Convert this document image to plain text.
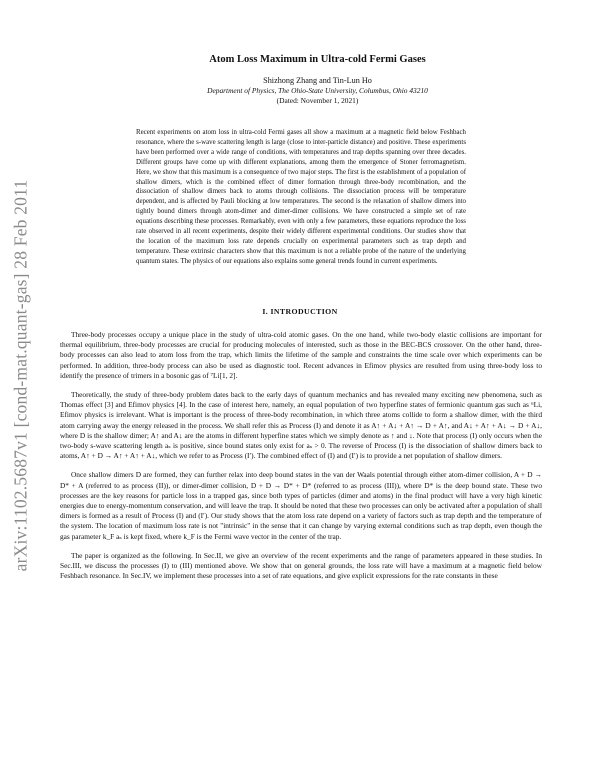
arXiv:1102.5687v1 [cond-mat.quant-gas] 28 Feb 2011
Atom Loss Maximum in Ultra-cold Fermi Gases
Shizhong Zhang and Tin-Lun Ho
Department of Physics, The Ohio-State University, Columbus, Ohio 43210
(Dated: November 1, 2021)
Recent experiments on atom loss in ultra-cold Fermi gases all show a maximum at a magnetic field below Feshbach resonance, where the s-wave scattering length is large (close to inter-particle distance) and positive. These experiments have been performed over a wide range of conditions, with temperatures and trap depths spanning over three decades. Different groups have come up with different explanations, among them the emergence of Stoner ferromagnetism. Here, we show that this maximum is a consequence of two major steps. The first is the establishment of a population of shallow dimers, which is the combined effect of dimer formation through three-body recombination, and the dissociation of shallow dimers back to atoms through collisions. The dissociation process will be temperature dependent, and is affected by Pauli blocking at low temperatures. The second is the relaxation of shallow dimers into tightly bound dimers through atom-dimer and dimer-dimer collisions. We have constructed a simple set of rate equations describing these processes. Remarkably, even with only a few parameters, these equations reproduce the loss rate observed in all recent experiments, despite their widely different experimental conditions. Our studies show that the location of the maximum loss rate depends crucially on experimental parameters such as trap depth and temperature. These extrinsic characters show that this maximum is not a reliable probe of the nature of the underlying quantum states. The physics of our equations also explains some general trends found in current experiments.
I. INTRODUCTION

Three-body processes occupy a unique place in the study of ultra-cold atomic gases. On the one hand, while two-body elastic collisions are important for thermal equilibrium, three-body processes are crucial for producing molecules of interested, such as those in the BEC-BCS crossover. On the other hand, three-body processes can also lead to atom loss from the trap, which limits the lifetime of the sample and constraints the time scale over which experiments can be performed. In addition, three-body process can also be used as diagnostic tool. Recent advances in Efimov physics are resulted from using three-body loss to identify the presence of trimers in a bosonic gas of ⁷Li[1, 2].

Theoretically, the study of three-body problem dates back to the early days of quantum mechanics and has revealed many exciting new phenomena, such as Thomas effect [3] and Efimov physics [4]. In the case of interest here, namely, an equal population of two hyperfine states of fermionic quantum gas such as ⁶Li, Efimov physics is irrelevant. What is important is the process of three-body recombination, in which three atoms collide to form a shallow dimer, with the third atom carrying away the energy released in the process. We shall refer this as Process (I) and denote it as A↑ + A↓ + A↑ → D + A↑, and A↓ + A↑ + A↓ → D + A↓, where D is the shallow dimer; A↑ and A↓ are the atoms in different hyperfine states which we simply denote as ↑ and ↓. Note that process (I) only occurs when the two-body s-wave scattering length aₛ is positive, since bound states only exist for aₛ > 0. The reverse of Process (I) is the dissociation of shallow dimers back to atoms, A↑ + D → A↑ + A↑ + A↓, which we refer to as Process (I′). The combined effect of (I) and (I′) is to provide a net population of shallow dimers.

Once shallow dimers D are formed, they can further relax into deep bound states in the van der Waals potential through either atom-dimer collision, A + D → D* + A (referred to as process (II)), or dimer-dimer collision, D + D → D* + D* (referred to as process (III)), where D* is the deep bound state. These two processes are the key reasons for particle loss in a trapped gas, since both types of particles (dimer and atoms) in the final product will have a very high kinetic energies due to energy-momentum conservation, and will leave the trap. It should be noted that these two processes can only be activated after a population of shall dimers is formed as a result of Process (I) and (I′). Our study shows that the atom loss rate depend on a variety of factors such as trap depth and the temperature of the system. The location of maximum loss rate is not "intrinsic" in the sense that it can change by varying external conditions such as trap depth, even though the gas parameter k_F aₛ is kept fixed, where k_F is the Fermi wave vector in the center of the trap.

The paper is organized as the following. In Sec.II, we give an overview of the recent experiments and the range of parameters appeared in these studies. In Sec.III, we discuss the processes (I) to (III) mentioned above. We show that on general grounds, the loss rate will have a maximum at a magnetic field below Feshbach resonance. In Sec.IV, we implement these processes into a set of rate equations, and give explicit expressions for the rate constants in these
